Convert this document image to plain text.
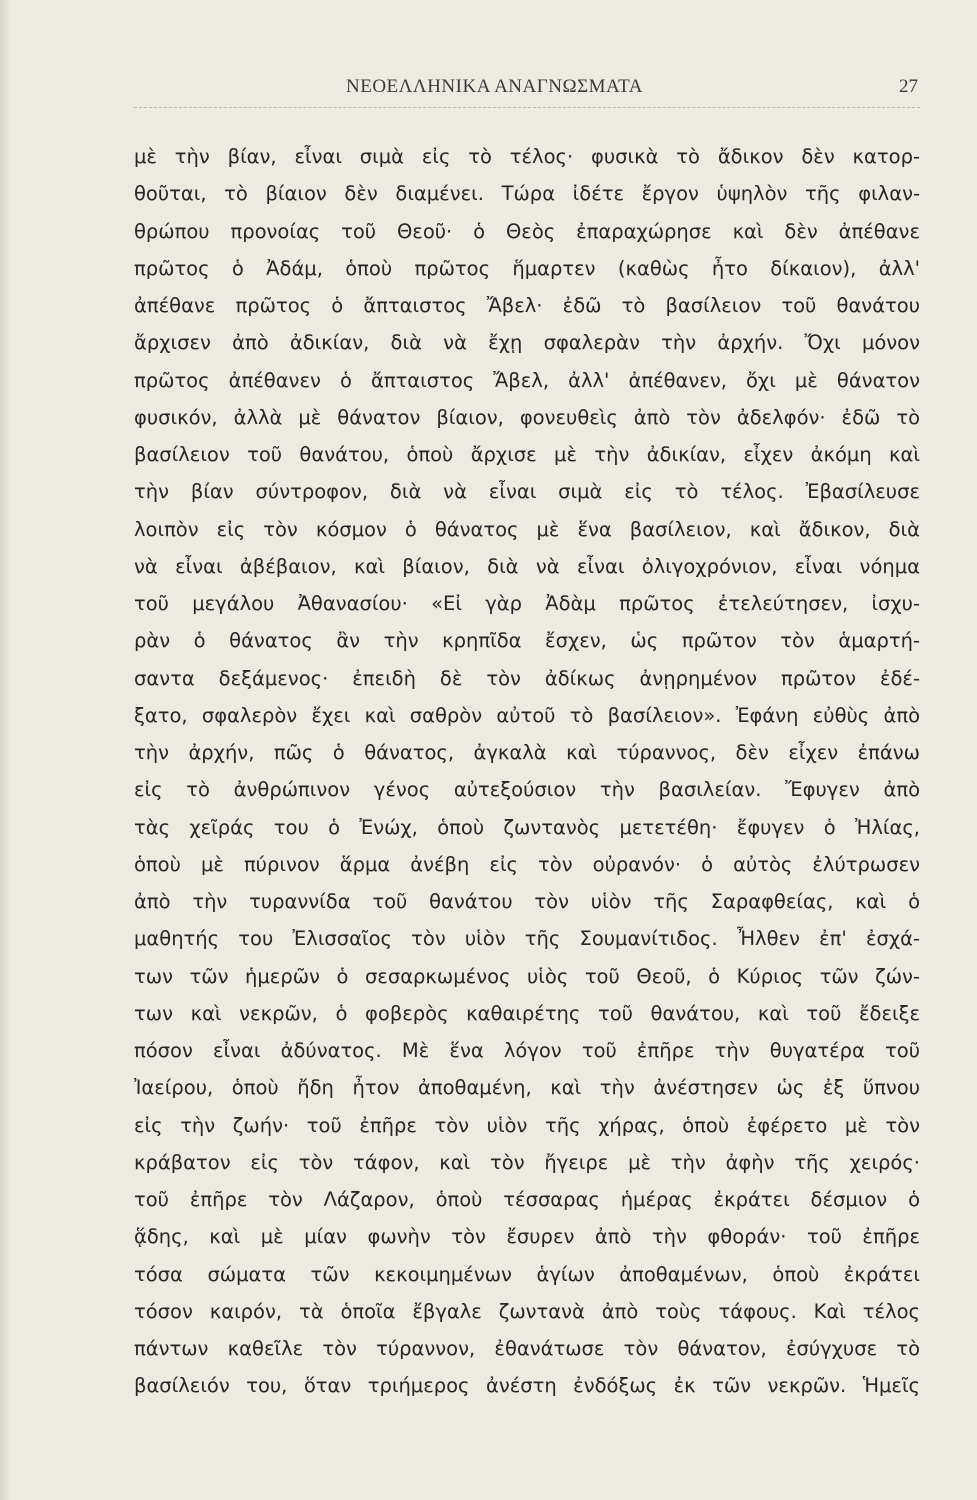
ΝΕΟΕΛΛΗΝΙΚΑ ΑΝΑΓΝΩΣΜΑΤΑ	27
μὲ τὴν βίαν, εἶναι σιμὰ εἰς τὸ τέλος· φυσικὰ τὸ ἄδικον δὲν κατορ-
θοῦται, τὸ βίαιον δὲν διαμένει. Τώρα ἰδέτε ἔργον ὑψηλὸν τῆς φιλαν-
θρώπου προνοίας τοῦ Θεοῦ· ὁ Θεὸς ἐπαραχώρησε καὶ δὲν ἀπέθανε
πρῶτος ὁ Ἀδάμ, ὁποὺ πρῶτος ἥμαρτεν (καθὼς ἦτο δίκαιον), ἀλλ'
ἀπέθανε πρῶτος ὁ ἄπταιστος Ἄβελ· ἐδῶ τὸ βασίλειον τοῦ θανάτου
ἄρχισεν ἀπὸ ἀδικίαν, διὰ νὰ ἔχῃ σφαλερὰν τὴν ἀρχήν. Ὄχι μόνον
πρῶτος ἀπέθανεν ὁ ἄπταιστος Ἄβελ, ἀλλ' ἀπέθανεν, ὄχι μὲ θάνατον
φυσικόν, ἀλλὰ μὲ θάνατον βίαιον, φονευθεὶς ἀπὸ τὸν ἀδελφόν· ἐδῶ τὸ
βασίλειον τοῦ θανάτου, ὁποὺ ἄρχισε μὲ τὴν ἀδικίαν, εἶχεν ἀκόμη καὶ
τὴν βίαν σύντροφον, διὰ νὰ εἶναι σιμὰ εἰς τὸ τέλος. Ἐβασίλευσε
λοιπὸν εἰς τὸν κόσμον ὁ θάνατος μὲ ἕνα βασίλειον, καὶ ἄδικον, διὰ
νὰ εἶναι ἀβέβαιον, καὶ βίαιον, διὰ νὰ εἶναι ὀλιγοχρόνιον, εἶναι νόημα
τοῦ μεγάλου Ἀθανασίου· «Εἰ γὰρ Ἀδὰμ πρῶτος ἐτελεύτησεν, ἰσχυ-
ρὰν ὁ θάνατος ἂν τὴν κρηπῖδα ἔσχεν, ὡς πρῶτον τὸν ἁμαρτή-
σαντα δεξάμενος· ἐπειδὴ δὲ τὸν ἀδίκως ἀνῃρημένον πρῶτον ἐδέ-
ξατο, σφαλερὸν ἔχει καὶ σαθρὸν αὐτοῦ τὸ βασίλειον». Ἐφάνη εὐθὺς ἀπὸ
τὴν ἀρχήν, πῶς ὁ θάνατος, ἀγκαλὰ καὶ τύραννος, δὲν εἶχεν ἐπάνω
εἰς τὸ ἀνθρώπινον γένος αὐτεξούσιον τὴν βασιλείαν. Ἔφυγεν ἀπὸ
τὰς χεῖράς του ὁ Ἐνώχ, ὁποὺ ζωντανὸς μετετέθη· ἔφυγεν ὁ Ἠλίας,
ὁποὺ μὲ πύρινον ἅρμα ἀνέβη εἰς τὸν οὐρανόν· ὁ αὐτὸς ἐλύτρωσεν
ἀπὸ τὴν τυραννίδα τοῦ θανάτου τὸν υἱὸν τῆς Σαραφθείας, καὶ ὁ
μαθητής του Ἐλισσαῖος τὸν υἱὸν τῆς Σουμανίτιδος. Ἦλθεν ἐπ' ἐσχά-
των τῶν ἡμερῶν ὁ σεσαρκωμένος υἱὸς τοῦ Θεοῦ, ὁ Κύριος τῶν ζών-
των καὶ νεκρῶν, ὁ φοβερὸς καθαιρέτης τοῦ θανάτου, καὶ τοῦ ἔδειξε
πόσον εἶναι ἀδύνατος. Μὲ ἕνα λόγον τοῦ ἐπῆρε τὴν θυγατέρα τοῦ
Ἰαείρου, ὁποὺ ἤδη ἦτον ἀποθαμένη, καὶ τὴν ἀνέστησεν ὡς ἐξ ὕπνου
εἰς τὴν ζωήν· τοῦ ἐπῆρε τὸν υἱὸν τῆς χήρας, ὁποὺ ἐφέρετο μὲ τὸν
κράβατον εἰς τὸν τάφον, καὶ τὸν ἤγειρε μὲ τὴν ἀφὴν τῆς χειρός·
τοῦ ἐπῆρε τὸν Λάζαρον, ὁποὺ τέσσαρας ἡμέρας ἐκράτει δέσμιον ὁ
ᾅδης, καὶ μὲ μίαν φωνὴν τὸν ἔσυρεν ἀπὸ τὴν φθοράν· τοῦ ἐπῆρε
τόσα σώματα τῶν κεκοιμημένων ἁγίων ἀποθαμένων, ὁποὺ ἐκράτει
τόσον καιρόν, τὰ ὁποῖα ἔβγαλε ζωντανὰ ἀπὸ τοὺς τάφους. Καὶ τέλος
πάντων καθεῖλε τὸν τύραννον, ἐθανάτωσε τὸν θάνατον, ἐσύγχυσε τὸ
βασίλειόν του, ὅταν τριήμερος ἀνέστη ἐνδόξως ἐκ τῶν νεκρῶν. Ἡμεῖς
